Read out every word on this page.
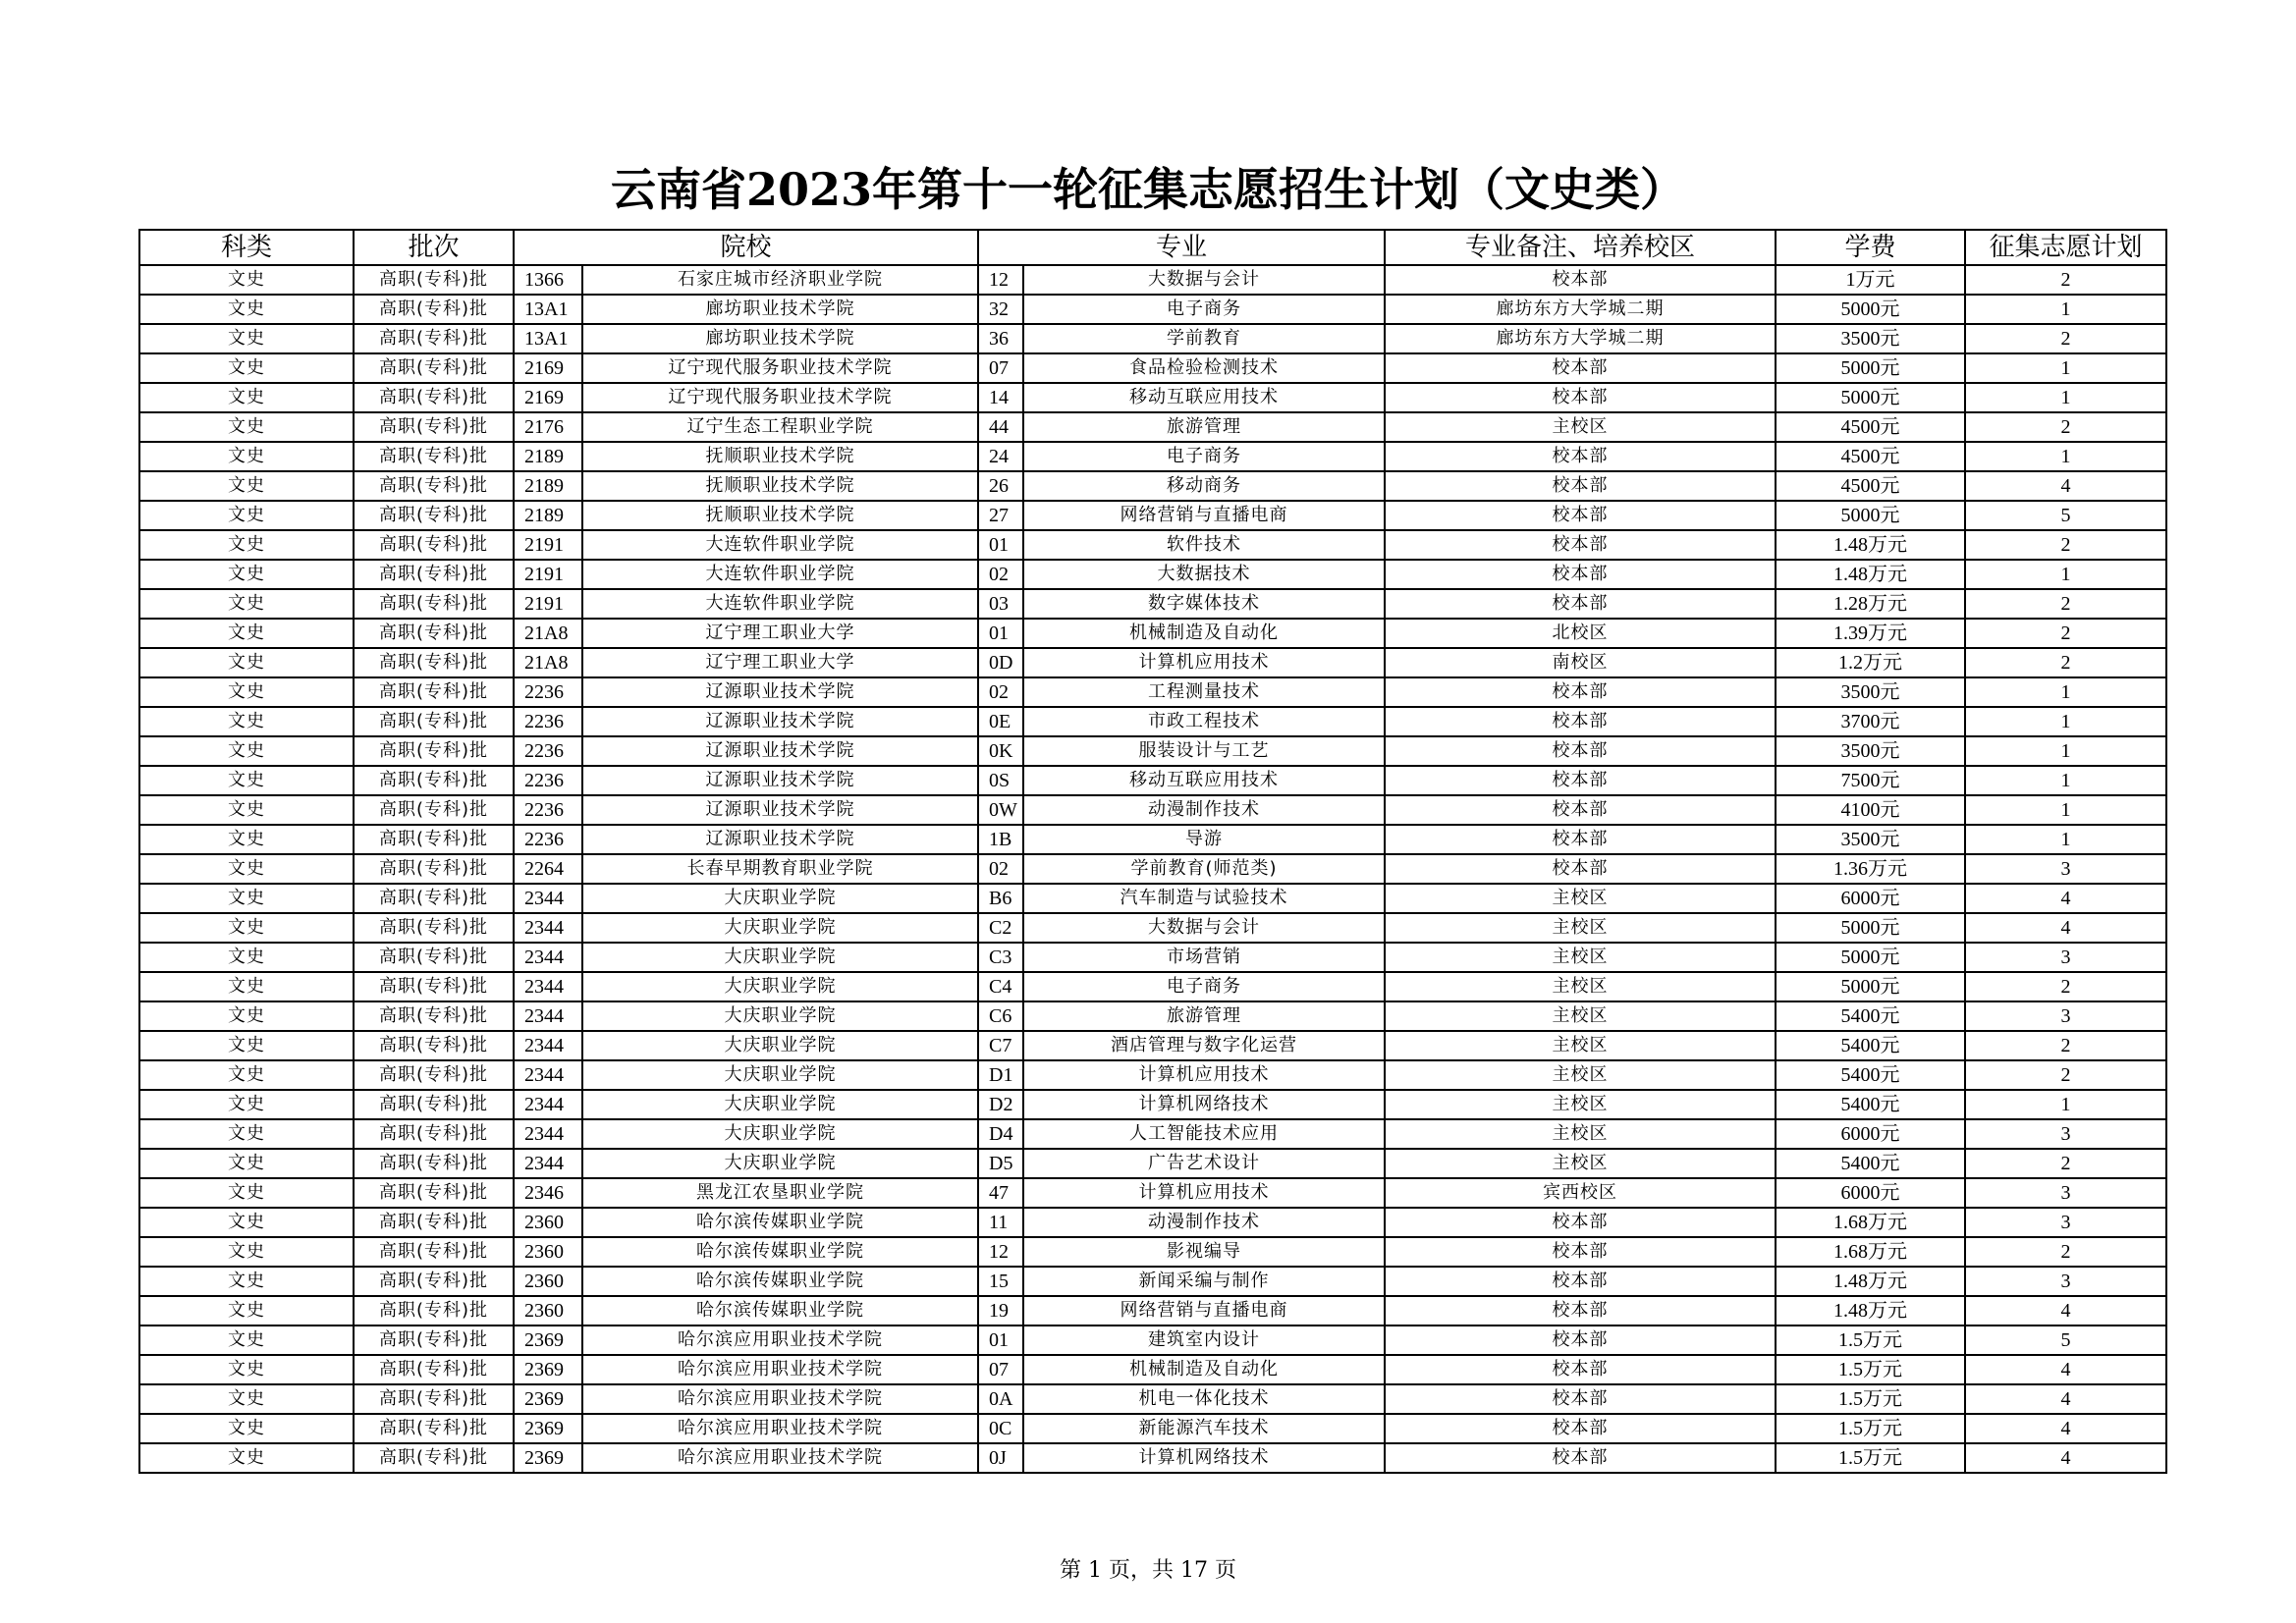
云南省2023年第十一轮征集志愿招生计划（文史类）
科类	批次	院校		专业		专业备注、培养校区	学费	征集志愿计划
文史	高职(专科)批	1366	石家庄城市经济职业学院	12	大数据与会计	校本部	1万元	2
文史	高职(专科)批	13A1	廊坊职业技术学院	32	电子商务	廊坊东方大学城二期	5000元	1
文史	高职(专科)批	13A1	廊坊职业技术学院	36	学前教育	廊坊东方大学城二期	3500元	2
文史	高职(专科)批	2169	辽宁现代服务职业技术学院	07	食品检验检测技术	校本部	5000元	1
文史	高职(专科)批	2169	辽宁现代服务职业技术学院	14	移动互联应用技术	校本部	5000元	1
文史	高职(专科)批	2176	辽宁生态工程职业学院	44	旅游管理	主校区	4500元	2
文史	高职(专科)批	2189	抚顺职业技术学院	24	电子商务	校本部	4500元	1
文史	高职(专科)批	2189	抚顺职业技术学院	26	移动商务	校本部	4500元	4
文史	高职(专科)批	2189	抚顺职业技术学院	27	网络营销与直播电商	校本部	5000元	5
文史	高职(专科)批	2191	大连软件职业学院	01	软件技术	校本部	1.48万元	2
文史	高职(专科)批	2191	大连软件职业学院	02	大数据技术	校本部	1.48万元	1
文史	高职(专科)批	2191	大连软件职业学院	03	数字媒体技术	校本部	1.28万元	2
文史	高职(专科)批	21A8	辽宁理工职业大学	01	机械制造及自动化	北校区	1.39万元	2
文史	高职(专科)批	21A8	辽宁理工职业大学	0D	计算机应用技术	南校区	1.2万元	2
文史	高职(专科)批	2236	辽源职业技术学院	02	工程测量技术	校本部	3500元	1
文史	高职(专科)批	2236	辽源职业技术学院	0E	市政工程技术	校本部	3700元	1
文史	高职(专科)批	2236	辽源职业技术学院	0K	服装设计与工艺	校本部	3500元	1
文史	高职(专科)批	2236	辽源职业技术学院	0S	移动互联应用技术	校本部	7500元	1
文史	高职(专科)批	2236	辽源职业技术学院	0W	动漫制作技术	校本部	4100元	1
文史	高职(专科)批	2236	辽源职业技术学院	1B	导游	校本部	3500元	1
文史	高职(专科)批	2264	长春早期教育职业学院	02	学前教育(师范类)	校本部	1.36万元	3
文史	高职(专科)批	2344	大庆职业学院	B6	汽车制造与试验技术	主校区	6000元	4
文史	高职(专科)批	2344	大庆职业学院	C2	大数据与会计	主校区	5000元	4
文史	高职(专科)批	2344	大庆职业学院	C3	市场营销	主校区	5000元	3
文史	高职(专科)批	2344	大庆职业学院	C4	电子商务	主校区	5000元	2
文史	高职(专科)批	2344	大庆职业学院	C6	旅游管理	主校区	5400元	3
文史	高职(专科)批	2344	大庆职业学院	C7	酒店管理与数字化运营	主校区	5400元	2
文史	高职(专科)批	2344	大庆职业学院	D1	计算机应用技术	主校区	5400元	2
文史	高职(专科)批	2344	大庆职业学院	D2	计算机网络技术	主校区	5400元	1
文史	高职(专科)批	2344	大庆职业学院	D4	人工智能技术应用	主校区	6000元	3
文史	高职(专科)批	2344	大庆职业学院	D5	广告艺术设计	主校区	5400元	2
文史	高职(专科)批	2346	黑龙江农垦职业学院	47	计算机应用技术	宾西校区	6000元	3
文史	高职(专科)批	2360	哈尔滨传媒职业学院	11	动漫制作技术	校本部	1.68万元	3
文史	高职(专科)批	2360	哈尔滨传媒职业学院	12	影视编导	校本部	1.68万元	2
文史	高职(专科)批	2360	哈尔滨传媒职业学院	15	新闻采编与制作	校本部	1.48万元	3
文史	高职(专科)批	2360	哈尔滨传媒职业学院	19	网络营销与直播电商	校本部	1.48万元	4
文史	高职(专科)批	2369	哈尔滨应用职业技术学院	01	建筑室内设计	校本部	1.5万元	5
文史	高职(专科)批	2369	哈尔滨应用职业技术学院	07	机械制造及自动化	校本部	1.5万元	4
文史	高职(专科)批	2369	哈尔滨应用职业技术学院	0A	机电一体化技术	校本部	1.5万元	4
文史	高职(专科)批	2369	哈尔滨应用职业技术学院	0C	新能源汽车技术	校本部	1.5万元	4
文史	高职(专科)批	2369	哈尔滨应用职业技术学院	0J	计算机网络技术	校本部	1.5万元	4
第 1 页，共 17 页
